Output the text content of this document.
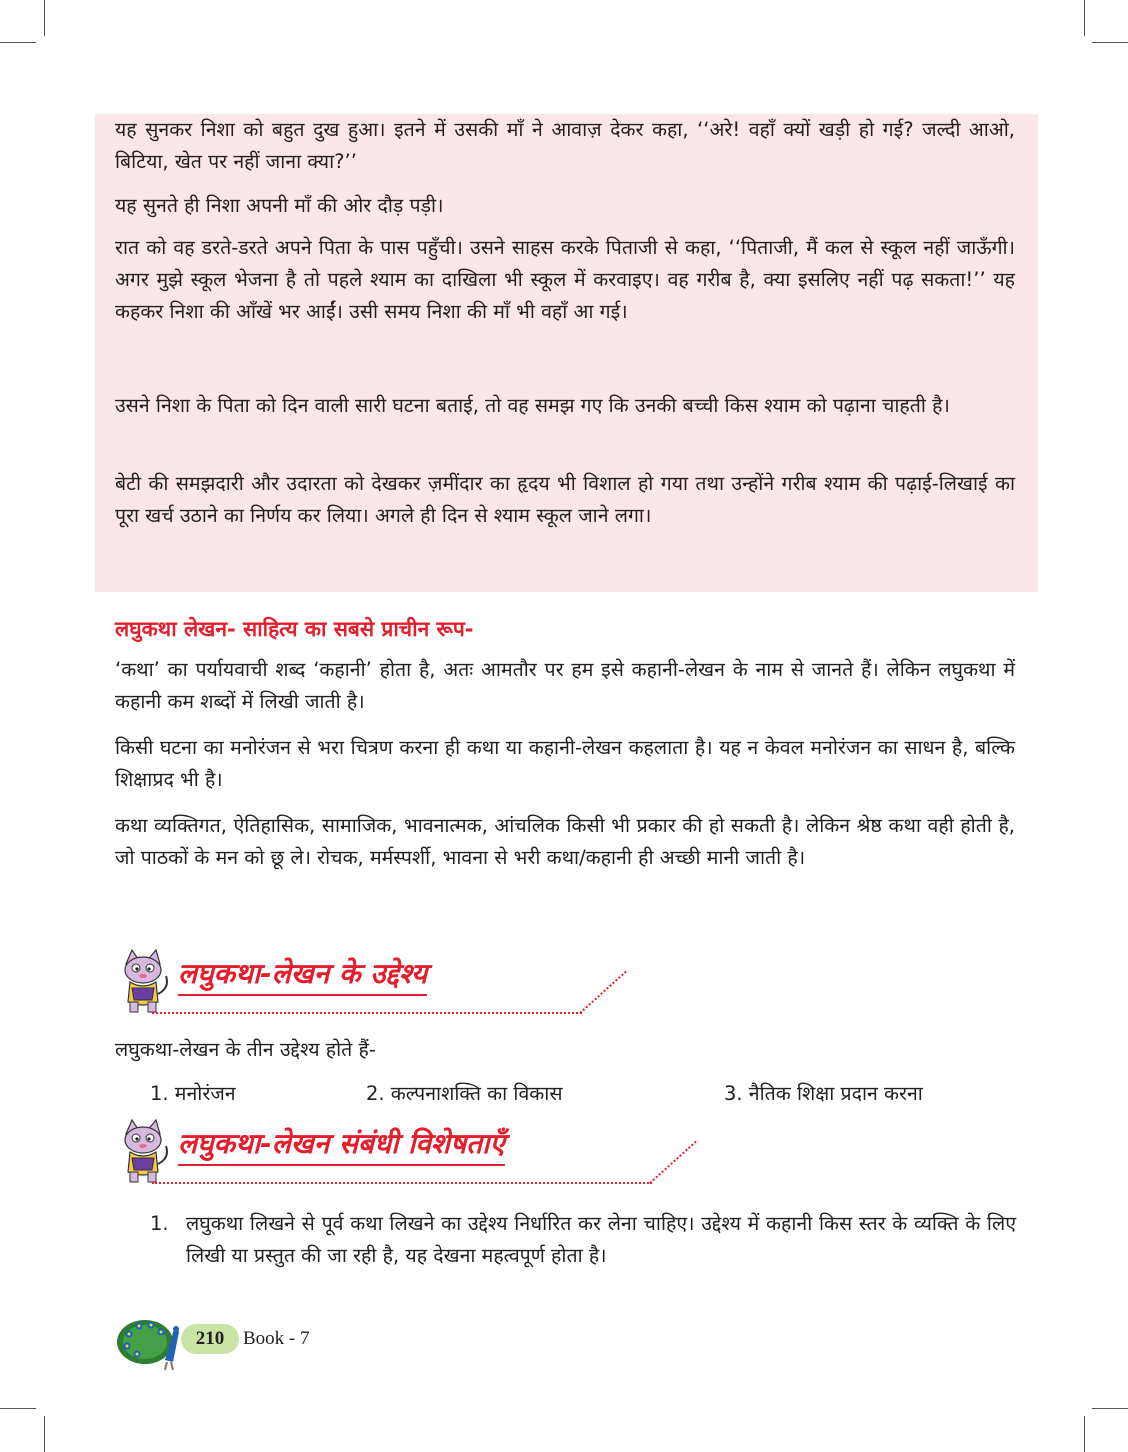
यह सुनकर निशा को बहुत दुख हुआ। इतने में उसकी माँ ने आवाज़ देकर कहा, ‘‘अरे! वहाँ क्यों खड़ी हो गई? जल्दी आओ, बिटिया, खेत पर नहीं जाना क्या?’’

यह सुनते ही निशा अपनी माँ की ओर दौड़ पड़ी।

रात को वह डरते-डरते अपने पिता के पास पहुँची। उसने साहस करके पिताजी से कहा, ‘‘पिताजी, मैं कल से स्कूल नहीं जाऊँगी। अगर मुझे स्कूल भेजना है तो पहले श्याम का दाखिला भी स्कूल में करवाइए। वह गरीब है, क्या इसलिए नहीं पढ़ सकता!’’ यह कहकर निशा की आँखें भर आईं। उसी समय निशा की माँ भी वहाँ आ गई।

उसने निशा के पिता को दिन वाली सारी घटना बताई, तो वह समझ गए कि उनकी बच्ची किस श्याम को पढ़ाना चाहती है।

बेटी की समझदारी और उदारता को देखकर ज़मींदार का हृदय भी विशाल हो गया तथा उन्होंने गरीब श्याम की पढ़ाई-लिखाई का पूरा खर्च उठाने का निर्णय कर लिया। अगले ही दिन से श्याम स्कूल जाने लगा।

लघुकथा लेखन- साहित्य का सबसे प्राचीन रूप-

‘कथा’ का पर्यायवाची शब्द ‘कहानी’ होता है, अतः आमतौर पर हम इसे कहानी-लेखन के नाम से जानते हैं। लेकिन लघुकथा में कहानी कम शब्दों में लिखी जाती है।

किसी घटना का मनोरंजन से भरा चित्रण करना ही कथा या कहानी-लेखन कहलाता है। यह न केवल मनोरंजन का साधन है, बल्कि शिक्षाप्रद भी है।

कथा व्यक्तिगत, ऐतिहासिक, सामाजिक, भावनात्मक, आंचलिक किसी भी प्रकार की हो सकती है। लेकिन श्रेष्ठ कथा वही होती है, जो पाठकों के मन को छू ले। रोचक, मर्मस्पर्शी, भावना से भरी कथा/कहानी ही अच्छी मानी जाती है।

लघुकथा-लेखन के उद्देश्य

लघुकथा-लेखन के तीन उद्देश्य होते हैं-

1. मनोरंजन	2. कल्पनाशक्ति का विकास	3. नैतिक शिक्षा प्रदान करना

लघुकथा-लेखन संबंधी विशेषताएँ
1. लघुकथा लिखने से पूर्व कथा लिखने का उद्देश्य निर्धारित कर लेना चाहिए। उद्देश्य में कहानी किस स्तर के व्यक्ति के लिए लिखी या प्रस्तुत की जा रही है, यह देखना महत्वपूर्ण होता है।
210 Book - 7
